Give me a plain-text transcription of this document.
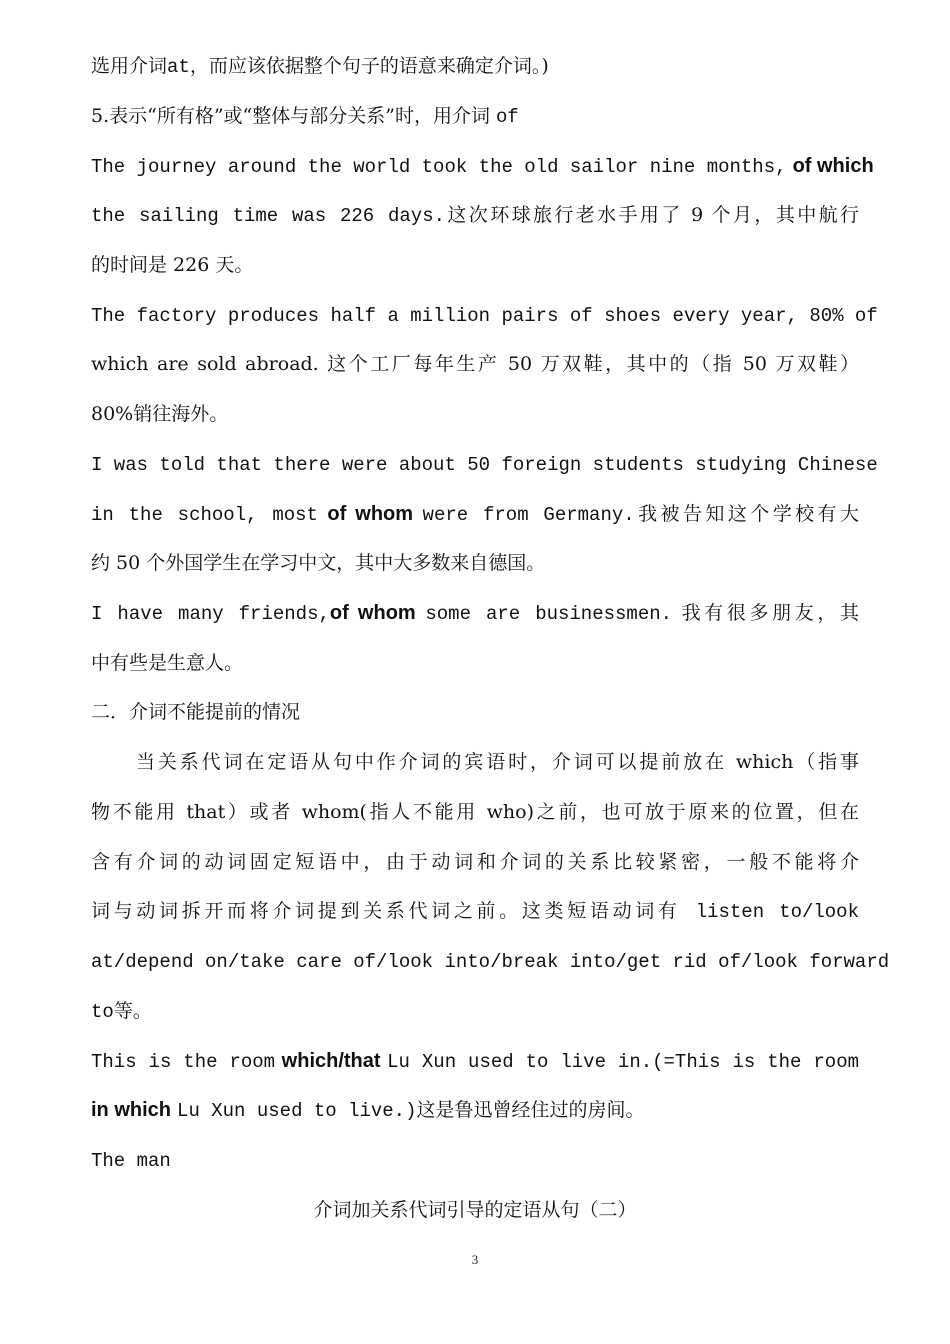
选用介词at，而应该依据整个句子的语意来确定介词。)
5.表示“所有格”或“整体与部分关系”时，用介词 of
The journey around the world took the old sailor nine months, of which
the sailing time was 226 days.这次环球旅行老水手用了 9 个月，其中航行
的时间是 226 天。
The factory produces half a million pairs of shoes every year, 80% of
which are sold abroad. 这个工厂每年生产 50 万双鞋，其中的（指 50 万双鞋）
80%销往海外。
I was told that there were about 50 foreign students studying Chinese
in the school, most of whom were from Germany.我被告知这个学校有大
约 50 个外国学生在学习中文，其中大多数来自德国。
I have many friends,of whom some are businessmen. 我有很多朋友，其
中有些是生意人。
二．介词不能提前的情况
当关系代词在定语从句中作介词的宾语时，介词可以提前放在 which（指事
物不能用 that）或者 whom(指人不能用 who)之前，也可放于原来的位置，但在
含有介词的动词固定短语中，由于动词和介词的关系比较紧密，一般不能将介
词与动词拆开而将介词提到关系代词之前。这类短语动词有 listen to/look
at/depend on/take care of/look into/break into/get rid of/look forward
to等。
This is the room which/that Lu Xun used to live in.(=This is the room
in which Lu Xun used to live.)这是鲁迅曾经住过的房间。
The man
介词加关系代词引导的定语从句（二）
3
